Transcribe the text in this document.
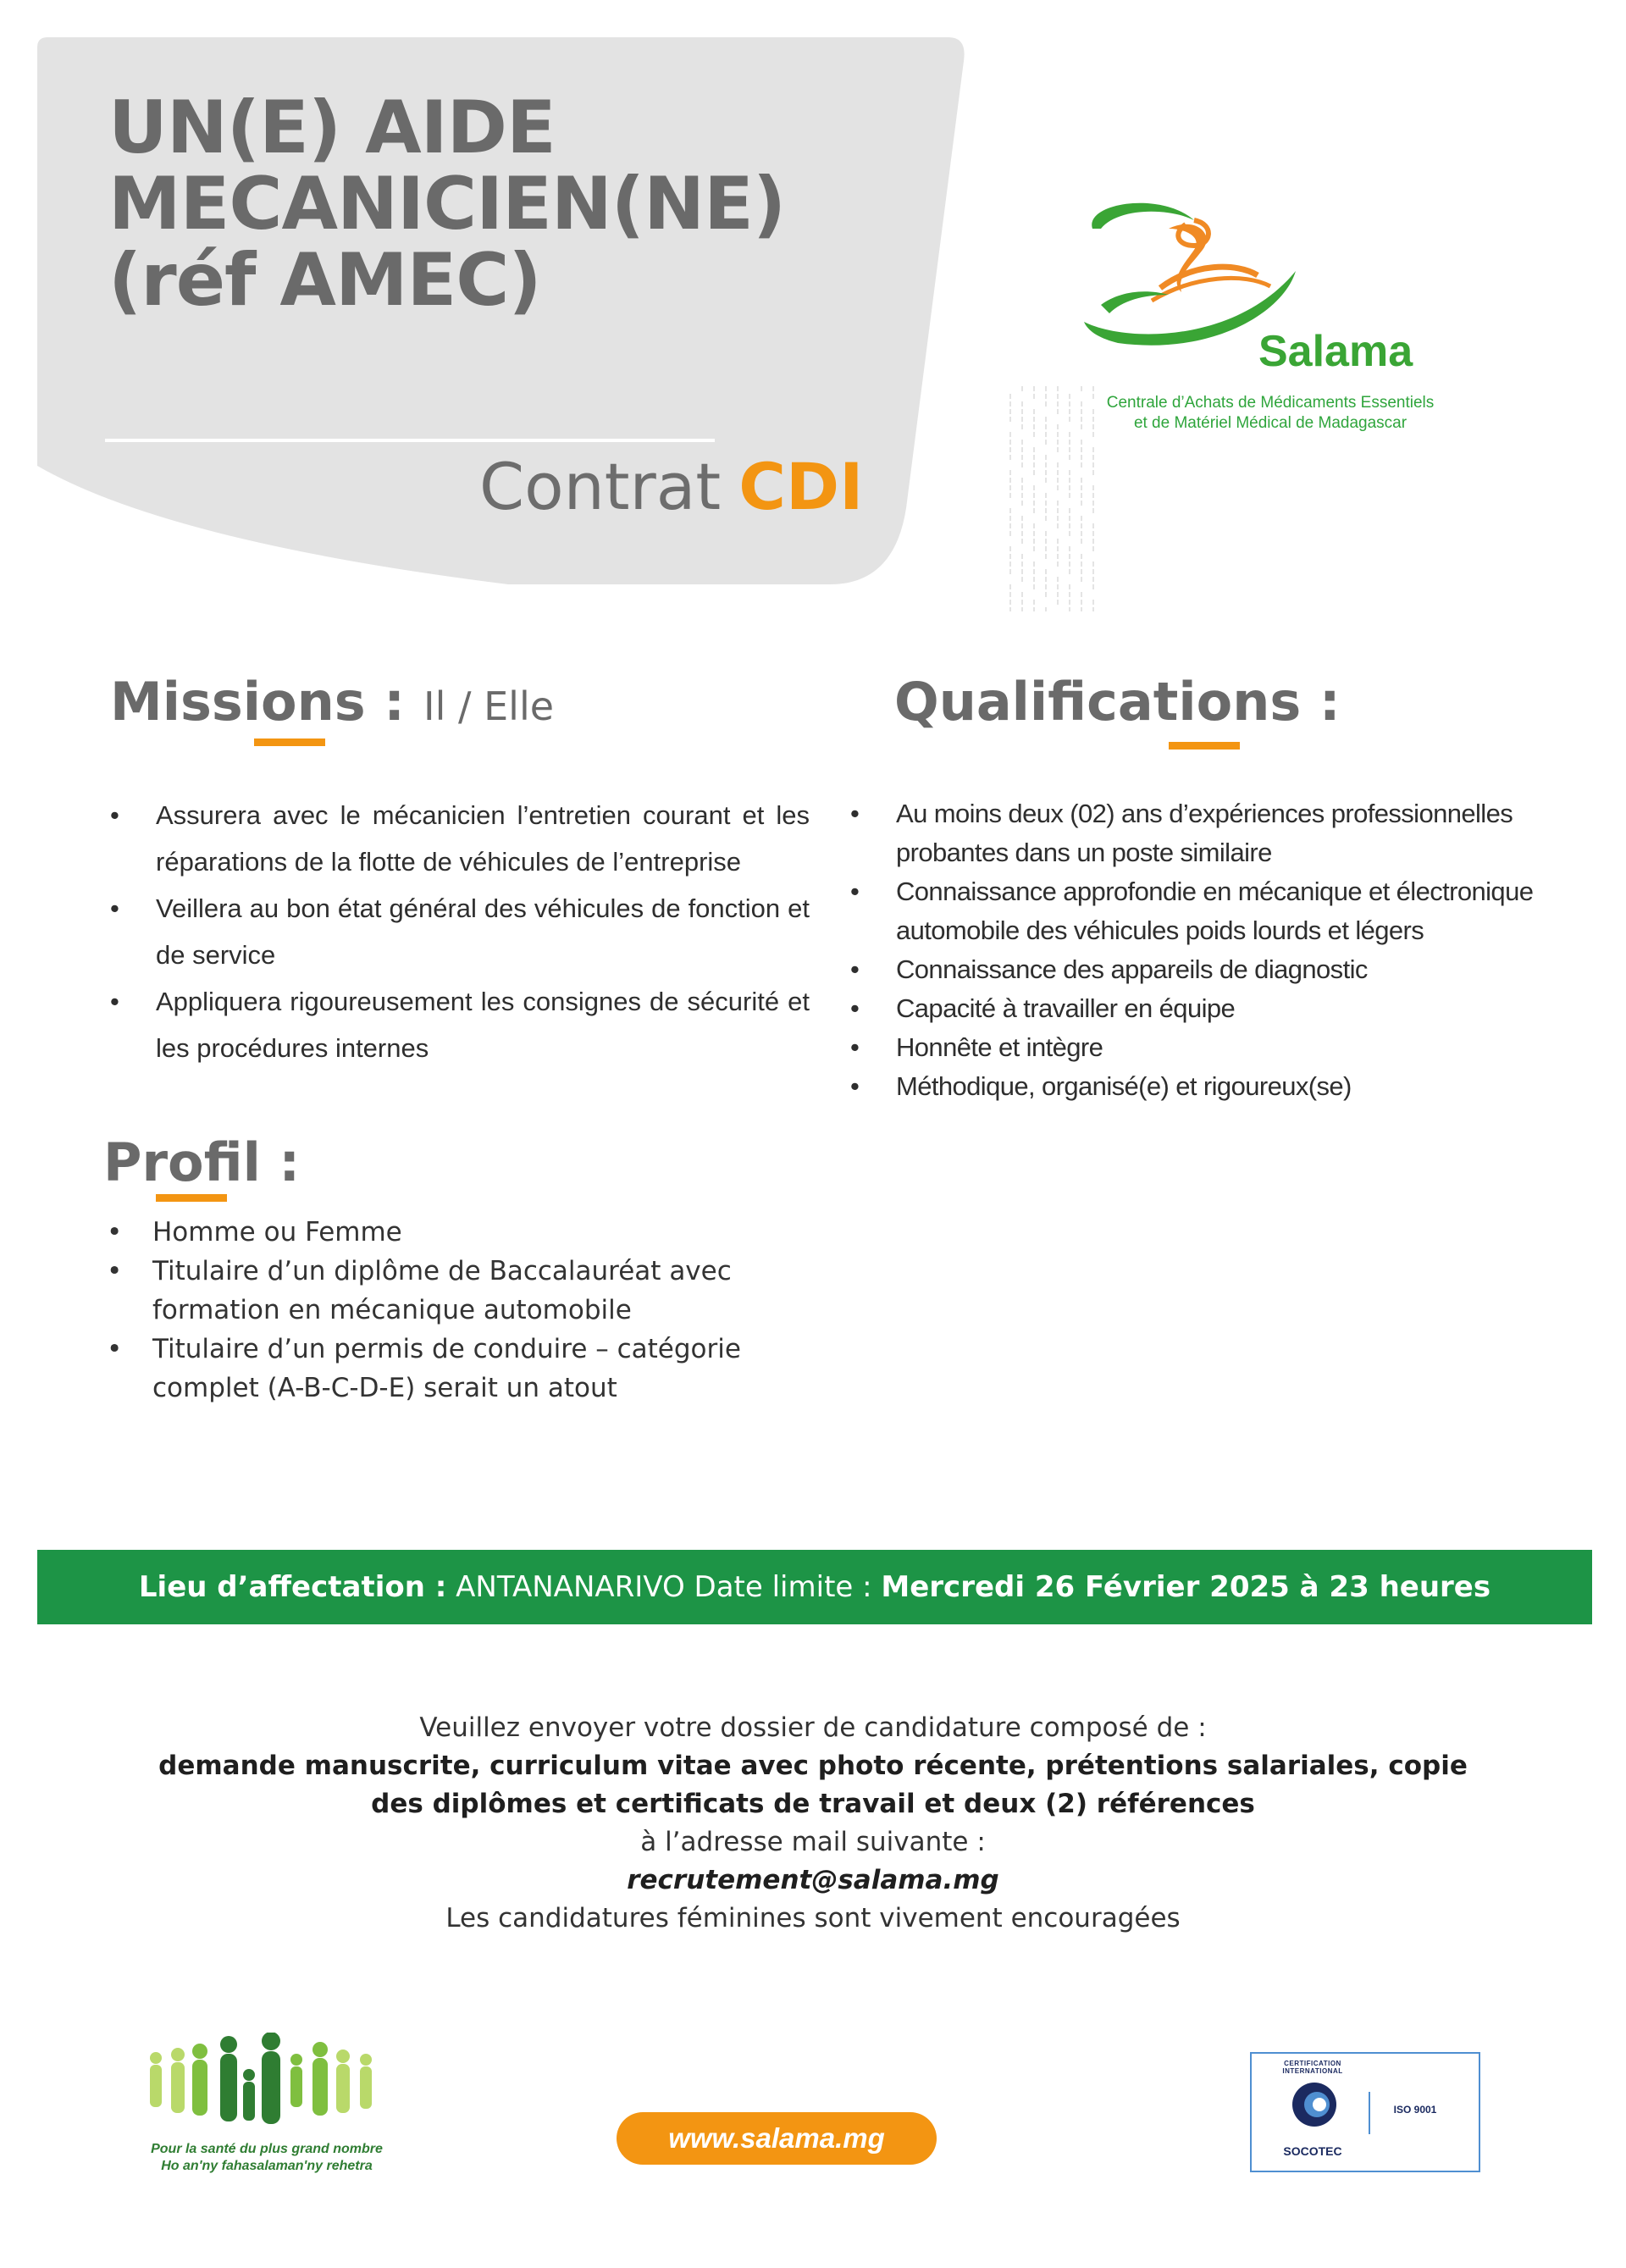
UN(E) AIDE
MECANICIEN(NE)
(réf AMEC)
Contrat CDI
Salama
Centrale d’Achats de Médicaments Essentiels
et de Matériel Médical de Madagascar
Missions : Il / Elle
• Assurera avec le mécanicien l’entretien courant et les réparations de la flotte de véhicules de l’entreprise
• Veillera au bon état général des véhicules de fonction et de service
• Appliquera rigoureusement les consignes de sécurité et les procédures internes
Qualifications :
• Au moins deux (02) ans d’expériences professionnelles probantes dans un poste similaire
• Connaissance approfondie en mécanique et électronique automobile des véhicules poids lourds et légers
• Connaissance des appareils de diagnostic
• Capacité à travailler en équipe
• Honnête et intègre
• Méthodique, organisé(e) et rigoureux(se)
Profil :
• Homme ou Femme
• Titulaire d’un diplôme de Baccalauréat avec formation en mécanique automobile
• Titulaire d’un permis de conduire – catégorie complet (A-B-C-D-E) serait un atout
Lieu d’affectation : ANTANANARIVO Date limite : Mercredi 26 Février 2025 à 23 heures
Veuillez envoyer votre dossier de candidature composé de :
demande manuscrite, curriculum vitae avec photo récente, prétentions salariales, copie
des diplômes et certificats de travail et deux (2) références
à l’adresse mail suivante :
recrutement@salama.mg
Les candidatures féminines sont vivement encouragées
Pour la santé du plus grand nombre
Ho an'ny fahasalaman'ny rehetra
www.salama.mg
CERTIFICATION INTERNATIONAL
SOCOTEC
ISO 9001
